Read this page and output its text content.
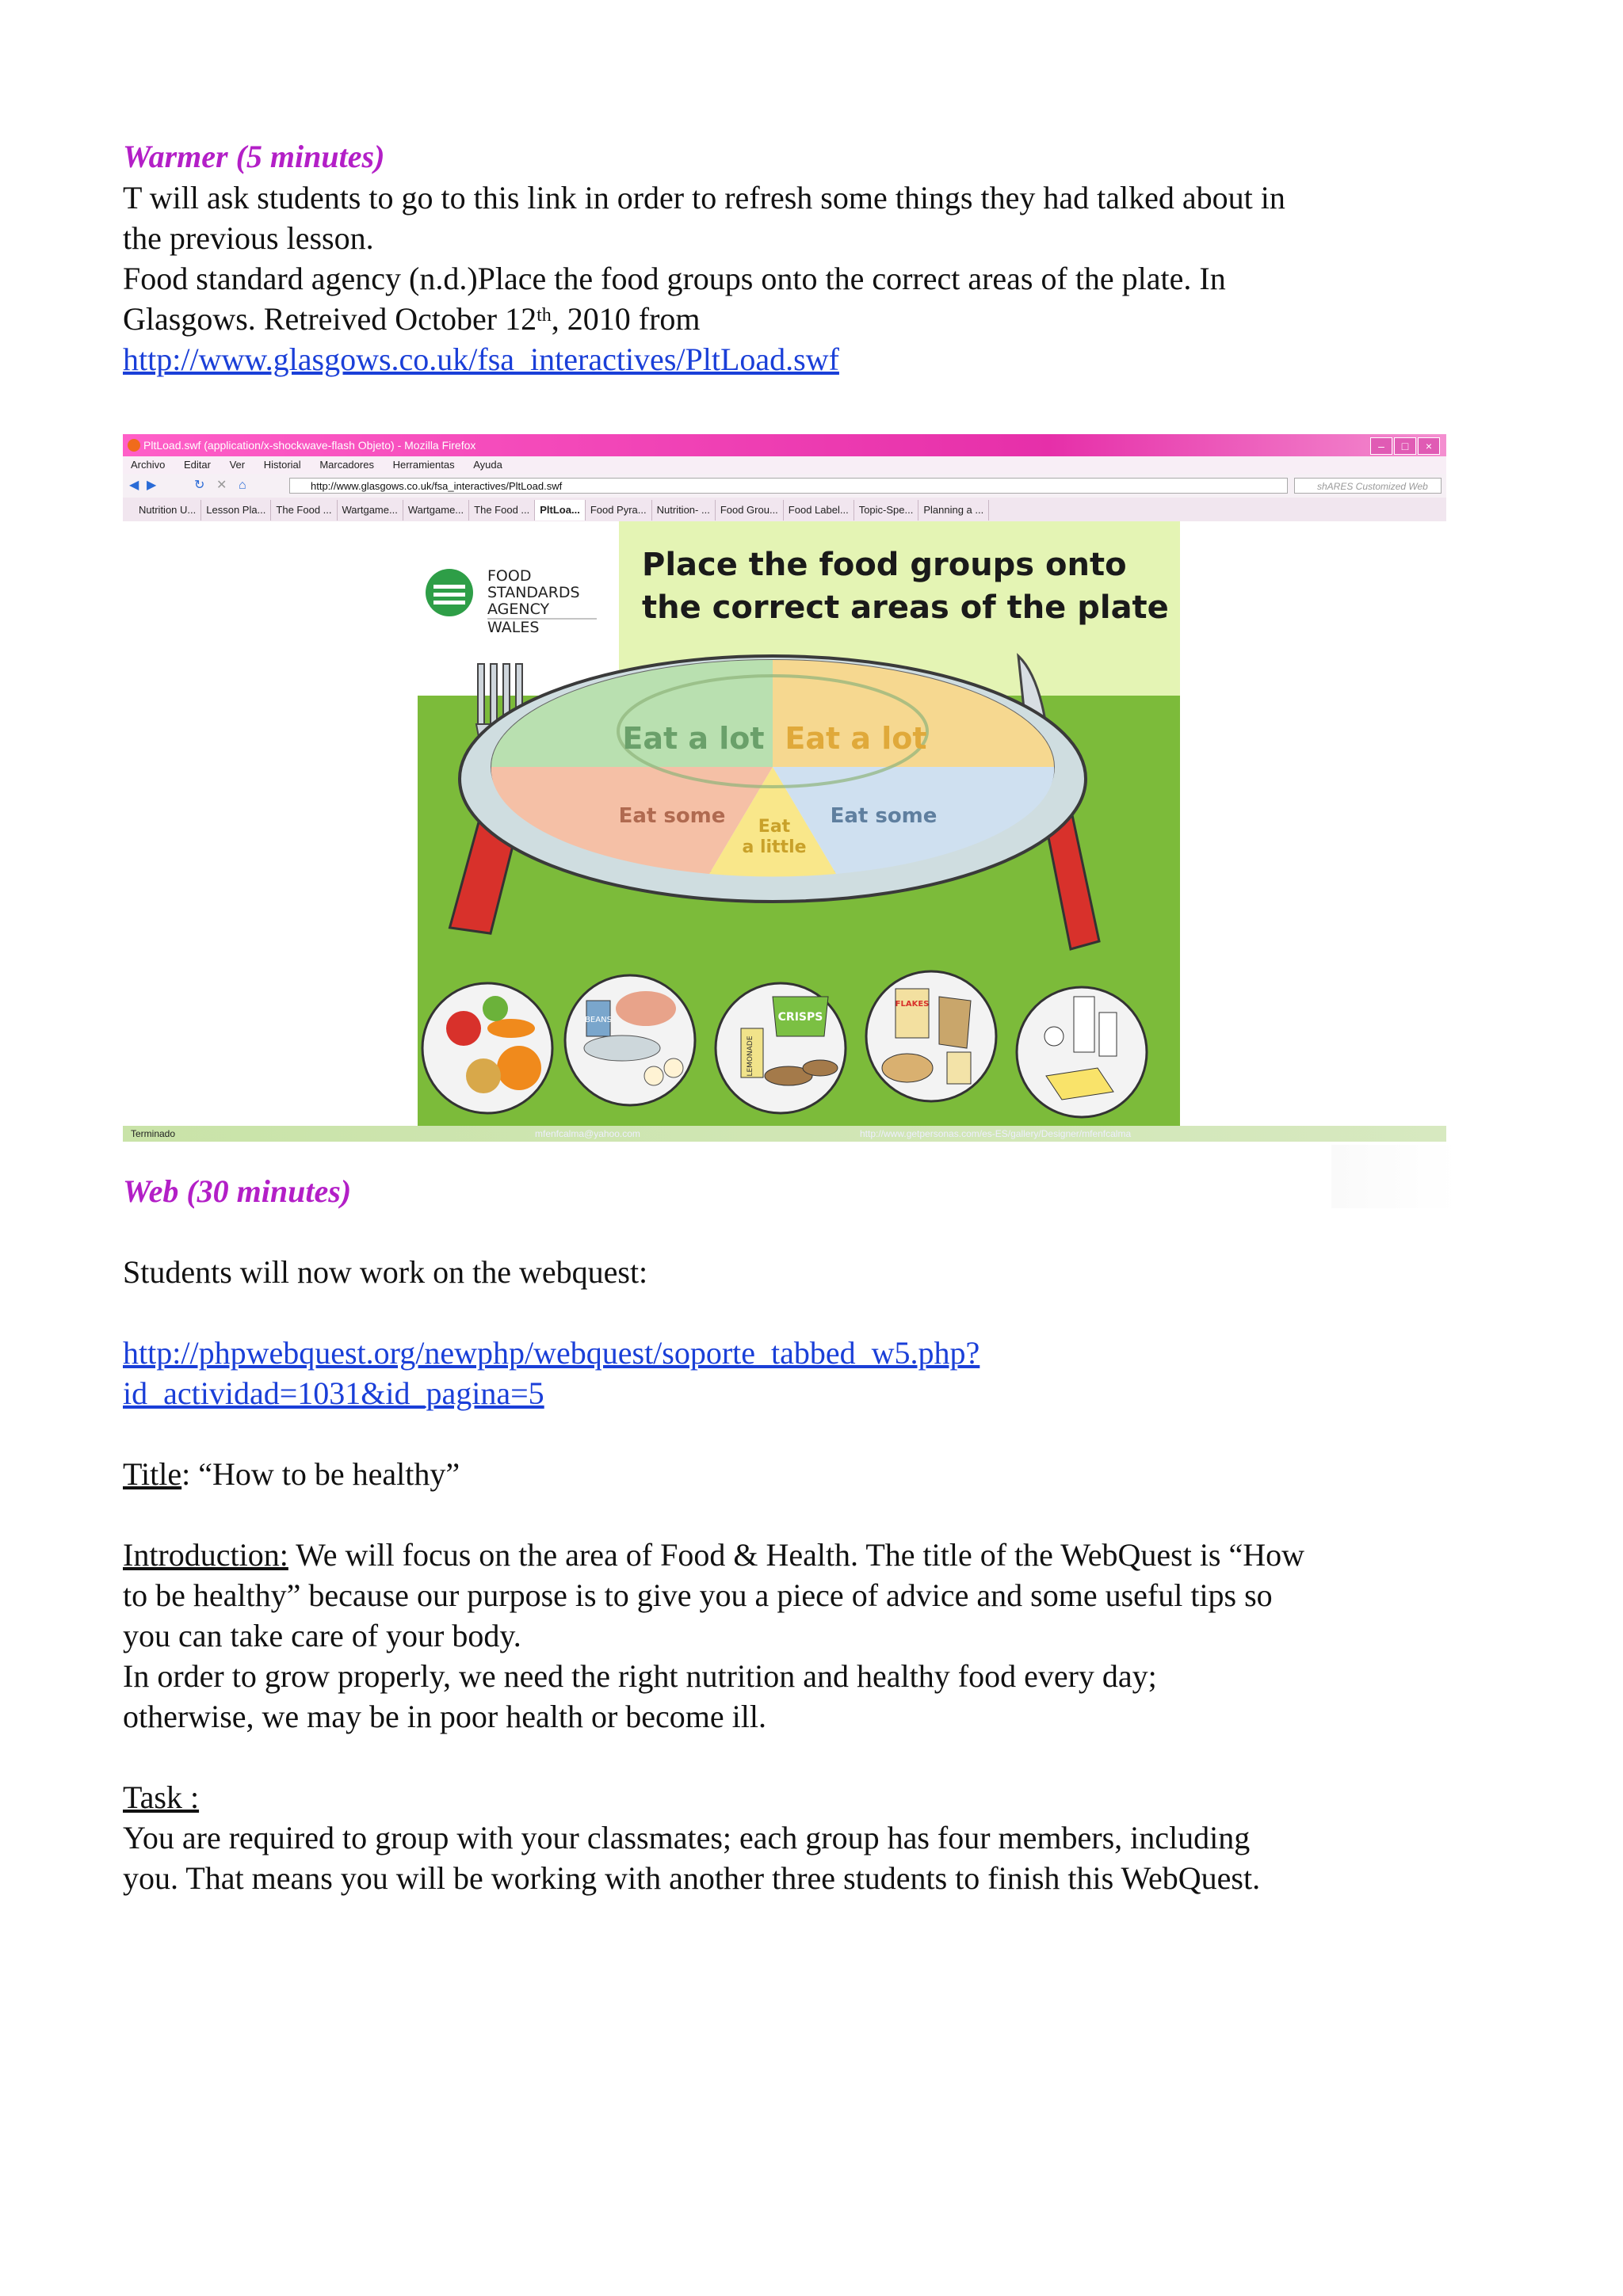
Warmer (5 minutes)
T will ask students to go to this link in order to refresh some things they had talked about in
the previous lesson.
Food standard agency (n.d.)Place the food groups onto the correct areas of the plate. In
Glasgows. Retreived October 12th, 2010 from
http://www.glasgows.co.uk/fsa_interactives/PltLoad.swf
PltLoad.swf (application/x-shockwave-flash Objeto) - Mozilla Firefox	–	□	×
Archivo Editar Ver Historial Marcadores Herramientas Ayuda
◀ ▶	↻ ✕ ⌂	http://www.glasgows.co.uk/fsa_interactives/PltLoad.swf	shARES Customized Web
Nutrition U...	Lesson Pla...	The Food ...	Wartgame...	Wartgame...	The Food ...	PltLoa...	Food Pyra...	Nutrition- ...	Food Grou...	Food Label...	Topic-Spe...	Planning a ...
FOOD
STANDARDS
AGENCY
WALES
Place the food groups onto
the correct areas of the plate
Eat a lot Eat a lot
Eat some	Eat some
Eat
a little
BEANS
LEMONADE
CRISPS
FLAKES
Terminado	mfenfcalma@yahoo.com	http://www.getpersonas.com/es-ES/gallery/Designer/mfenfcalma
Web (30 minutes)
Students will now work on the webquest:
http://phpwebquest.org/newphp/webquest/soporte_tabbed_w5.php?
id_actividad=1031&id_pagina=5
Title: “How to be healthy”
Introduction: We will focus on the area of Food & Health. The title of the WebQuest is “How
to be healthy” because our purpose is to give you a piece of advice and some useful tips so
you can take care of your body.
In order to grow properly, we need the right nutrition and healthy food every day;
otherwise, we may be in poor health or become ill.
Task :
You are required to group with your classmates; each group has four members, including
you. That means you will be working with another three students to finish this WebQuest.
